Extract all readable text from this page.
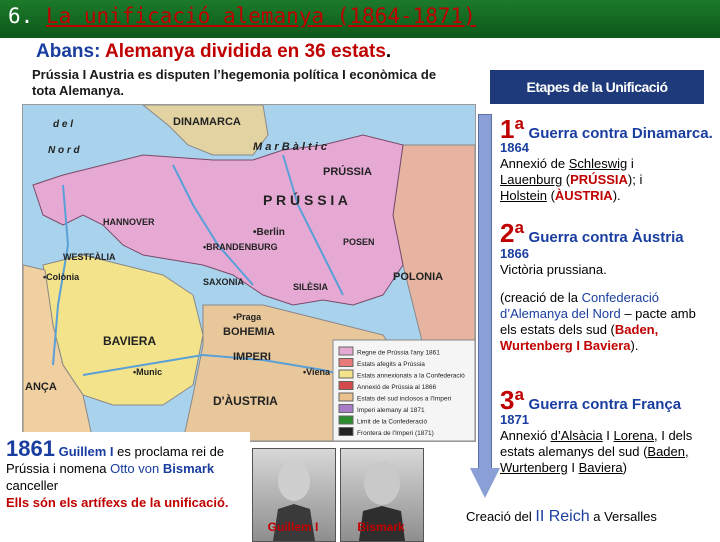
6. La unificació alemanya (1864-1871)
Abans: Alemanya dividida en 36 estats.
Prússia I Austria es disputen l’hegemonia política I econòmica de tota Alemanya.
DINAMARCA
d e l
N o r d	M a r B à l t i c
PRÚSSIA
P R Ú S S I A
HANNOVER
•Berlin
•BRANDENBURG
WESTFÀLIA
•Colònia	SAXONIA
POSEN
POLONIA
SILÈSIA
BAVIERA
BOHEMIA
•Praga
IMPERI
•Munic	•Viena
D'ÀUSTRIA
ANÇA
Regne de Prússia l'any 1861
Estats afegits a Prússia
Estats annexionats a la Confederació
Annexió de Prússia al 1866
Estats del sud inclosos a l'Imperi
Imperi alemany al 1871
Limit de la Confederació
Frontera de l'Imperi (1871)
Etapes de la Unificació
1ª Guerra contra Dinamarca.
1864
Annexió de Schleswig i
Lauenburg (PRÚSSIA); i
Holstein (ÀUSTRIA).
2ª Guerra contra Àustria
1866
Victòria prussiana.
(creació de la Confederació d’Alemanya del Nord – pacte amb els estats dels sud (Baden, Wurtenberg I Baviera).
3ª Guerra contra França
1871
Annexió d’Alsàcia I Lorena, I dels estats alemanys del sud (Baden, Wurtenberg I Baviera)
Creació del II Reich a Versalles
1861 Guillem I es proclama rei de Prússia i nomena Otto von Bismark canceller
Ells són els artífexs de la unificació.
Guillem I	Bismark
